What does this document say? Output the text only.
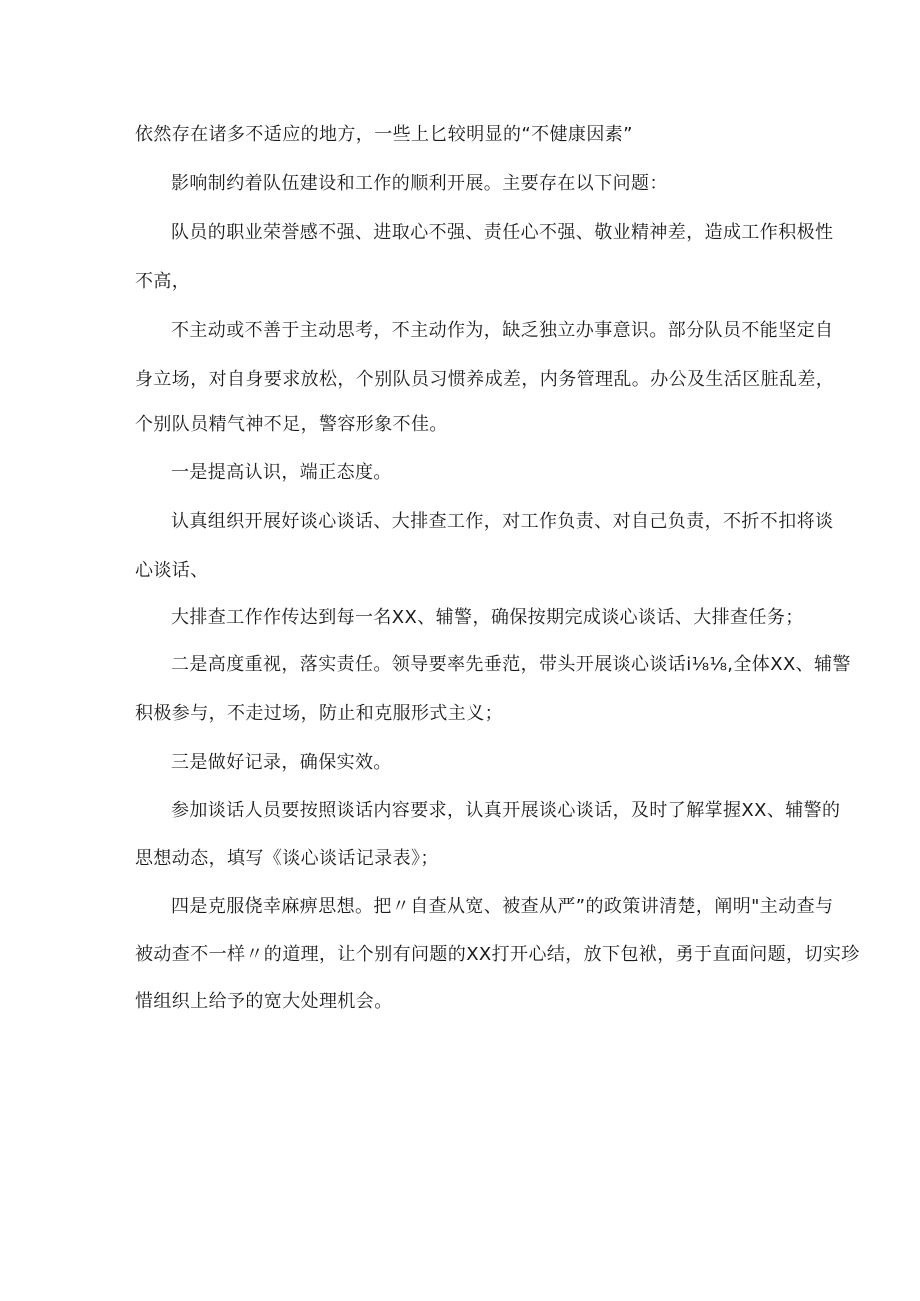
依然存在诸多不适应的地方，一些上匕较明显的“不健康因素”
影响制约着队伍建设和工作的顺利开展。主要存在以下问题：
队员的职业荣誉感不强、进取心不强、责任心不强、敬业精神差，造成工作积极性
不高，
不主动或不善于主动思考，不主动作为，缺乏独立办事意识。部分队员不能坚定自
身立场，对自身要求放松，个别队员习惯养成差，内务管理乱。办公及生活区脏乱差，
个别队员精气神不足，警容形象不佳。
一是提高认识，端正态度。
认真组织开展好谈心谈话、大排查工作，对工作负责、对自己负责，不折不扣将谈
心谈话、
大排查工作作传达到每一名XX、辅警，确保按期完成谈心谈话、大排查任务；
二是高度重视，落实责任。领导要率先垂范，带头开展谈心谈话i⅛⅛,全体XX、辅警
积极参与，不走过场，防止和克服形式主义；
三是做好记录，确保实效。
参加谈话人员要按照谈话内容要求，认真开展谈心谈话，及时了解掌握XX、辅警的
思想动态，填写《谈心谈话记录表》；
四是克服侥幸麻痹思想。把〃自查从宽、被查从严”的政策讲清楚，阐明"主动查与
被动查不一样〃的道理，让个别有问题的XX打开心结，放下包袱，勇于直面问题，切实珍
惜组织上给予的宽大处理机会。
